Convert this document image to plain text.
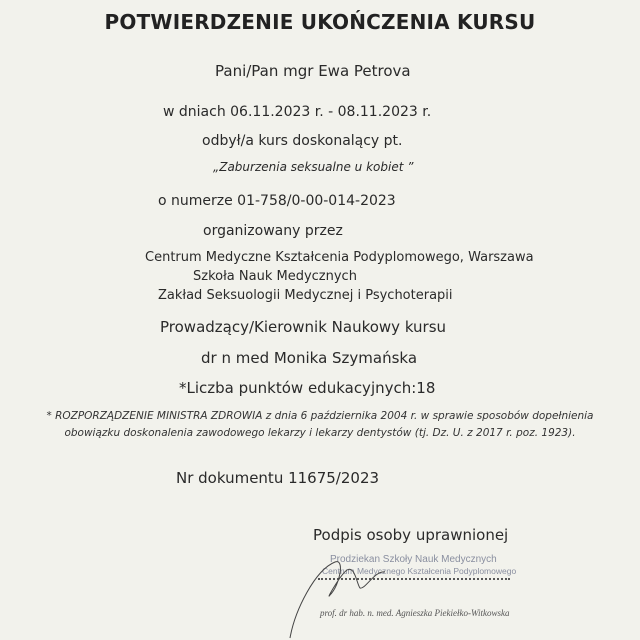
POTWIERDZENIE UKOŃCZENIA KURSU
Pani/Pan mgr Ewa Petrova
w dniach 06.11.2023 r. - 08.11.2023 r.
odbył/a kurs doskonalący pt.
„Zaburzenia seksualne u kobiet ”
o numerze 01-758/0-00-014-2023
organizowany przez
Centrum Medyczne Kształcenia Podyplomowego, Warszawa
Szkoła Nauk Medycznych
Zakład Seksuologii Medycznej i Psychoterapii
Prowadzący/Kierownik Naukowy kursu
dr n med Monika Szymańska
*Liczba punktów edukacyjnych:18
* ROZPORZĄDZENIE MINISTRA ZDROWIA z dnia 6 października 2004 r. w sprawie sposobów dopełnienia obowiązku doskonalenia zawodowego lekarzy i lekarzy dentystów (tj. Dz. U. z 2017 r. poz. 1923).
Nr dokumentu 11675/2023
Podpis osoby uprawnionej
Prodziekan Szkoły Nauk Medycznych
Centrum Medycznego Kształcenia Podyplomowego
prof. dr hab. n. med. Agnieszka Piekiełko-Witkowska
